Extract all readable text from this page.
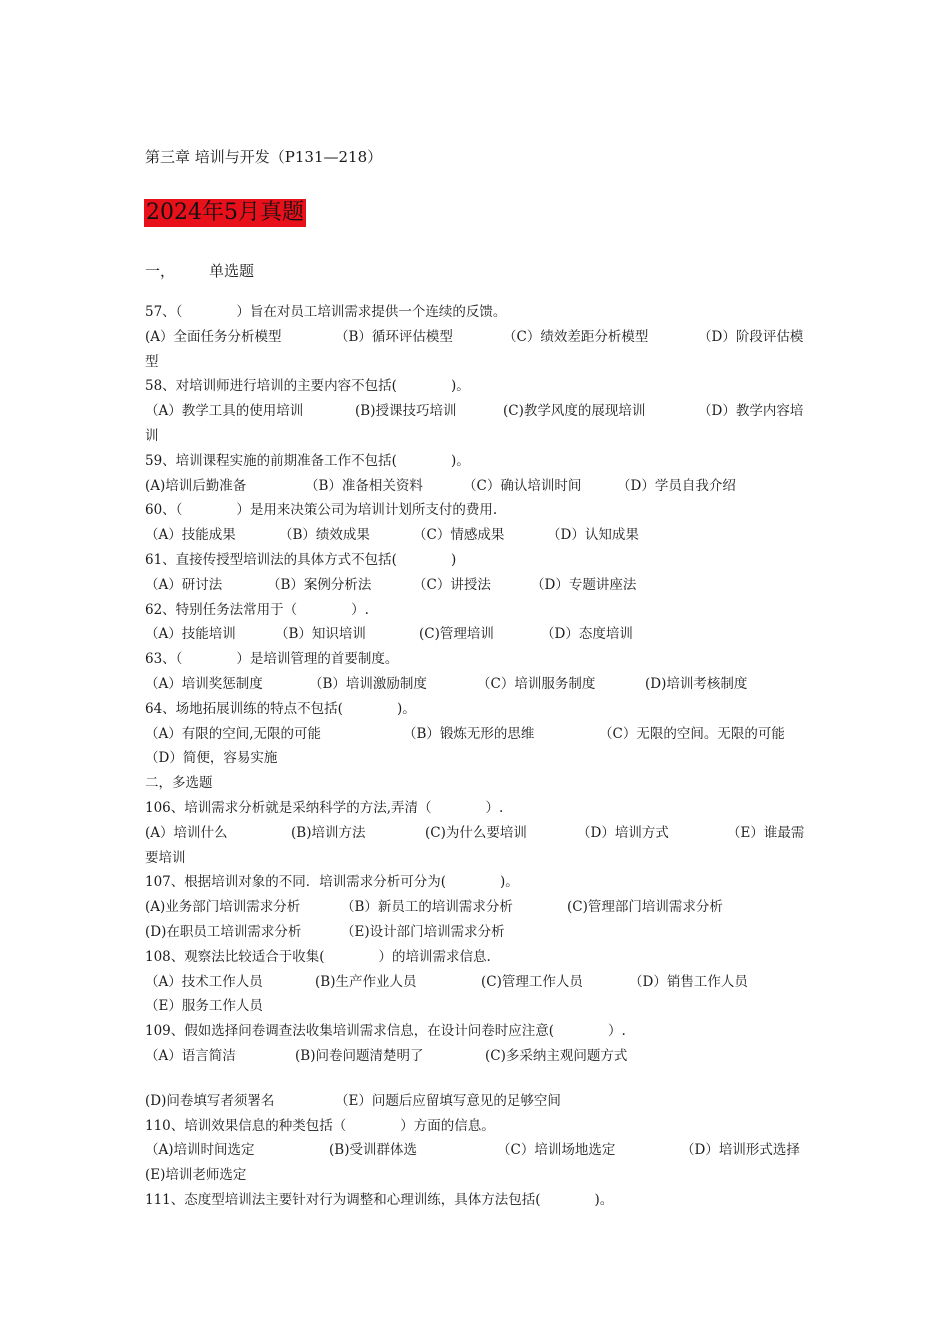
第三章 培训与开发（P131—218）
2024年5月真题
一， 单选题
57、（　　　　）旨在对员工培训需求提供一个连续的反馈。
(A）全面任务分析模型	（B）循环评估模型	（C）绩效差距分析模型	（D）阶段评估模
型
58、对培训师进行培训的主要内容不包括(　　　　)。
（A）教学工具的使用培训	(B)授课技巧培训	(C)教学风度的展现培训	（D）教学内容培
训
59、培训课程实施的前期准备工作不包括(　　　　)。
(A)培训后勤准备	（B）准备相关资料	（C）确认培训时间	（D）学员自我介绍
60、（　　　　）是用来决策公司为培训计划所支付的费用.
（A）技能成果	（B）绩效成果	（C）情感成果	（D）认知成果
61、直接传授型培训法的具体方式不包括(　　　　)
（A）研讨法	（B）案例分析法	（C）讲授法	（D）专题讲座法
62、特别任务法常用于（　　　　）.
（A）技能培训	（B）知识培训	(C)管理培训	（D）态度培训
63、（　　　　）是培训管理的首要制度。
（A）培训奖惩制度	（B）培训激励制度	（C）培训服务制度	(D)培训考核制度
64、场地拓展训练的特点不包括(　　　　)。
（A）有限的空间,无限的可能	（B）锻炼无形的思维	（C）无限的空间。无限的可能
（D）简便，容易实施
二，多选题
106、培训需求分析就是采纳科学的方法,弄清（　　　　）.
(A）培训什么	(B)培训方法	(C)为什么要培训	（D）培训方式	（E）谁最需
要培训
107、根据培训对象的不同．培训需求分析可分为(　　　　)。
(A)业务部门培训需求分析	（B）新员工的培训需求分析	(C)管理部门培训需求分析
(D)在职员工培训需求分析	（E)设计部门培训需求分析
108、观察法比较适合于收集(　　　　）的培训需求信息.
（A）技术工作人员	(B)生产作业人员	(C)管理工作人员	（D）销售工作人员
（E）服务工作人员
109、假如选择问卷调查法收集培训需求信息，在设计问卷时应注意(　　　　）.
（A）语言简洁	(B)问卷问题清楚明了	(C)多采纳主观问题方式
(D)问卷填写者须署名	（E）问题后应留填写意见的足够空间
110、培训效果信息的种类包括（　　　　）方面的信息。
（A)培训时间选定	(B)受训群体选	（C）培训场地选定	（D）培训形式选择
(E)培训老师选定
111、态度型培训法主要针对行为调整和心理训练，具体方法包括(　　　　)。
